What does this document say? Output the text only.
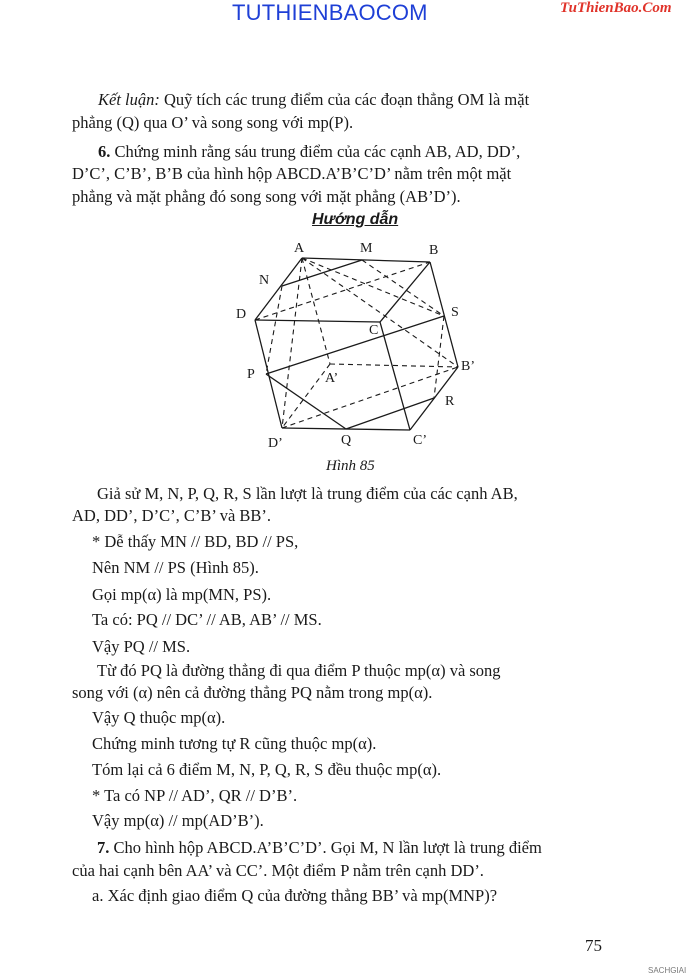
TUTHIENBAOCOM	TuThienBao.Com
Kết luận: Quỹ tích các trung điểm của các đoạn thẳng OM là mặt
phẳng (Q) qua O’ và song song với mp(P).
6. Chứng minh rằng sáu trung điểm của các cạnh AB, AD, DD’,
D’C’, C’B’, B’B của hình hộp ABCD.A’B’C’D’ nằm trên một mặt
phẳng và mặt phẳng đó song song với mặt phẳng (AB’D’).
Hướng dẫn
A	M	B
N
D	S
C
A’
P
B’
R
D’	Q	C’
Hình 85
Giả sử M, N, P, Q, R, S lần lượt là trung điểm của các cạnh AB,
AD, DD’, D’C’, C’B’ và BB’.
* Dễ thấy MN // BD, BD // PS,
Nên NM // PS (Hình 85).
Gọi mp(α) là mp(MN, PS).
Ta có: PQ // DC’ // AB, AB’ // MS.
Vậy PQ // MS.
Từ đó PQ là đường thẳng đi qua điểm P thuộc mp(α) và song
song với (α) nên cả đường thẳng PQ nằm trong mp(α).
Vậy Q thuộc mp(α).
Chứng minh tương tự R cũng thuộc mp(α).
Tóm lại cả 6 điểm M, N, P, Q, R, S đều thuộc mp(α).
* Ta có NP // AD’, QR // D’B’.
Vậy mp(α) // mp(AD’B’).
7. Cho hình hộp ABCD.A’B’C’D’. Gọi M, N lần lượt là trung điểm
của hai cạnh bên AA’ và CC’. Một điểm P nằm trên cạnh DD’.
a. Xác định giao điểm Q của đường thẳng BB’ và mp(MNP)?
75
SACHGIAI
